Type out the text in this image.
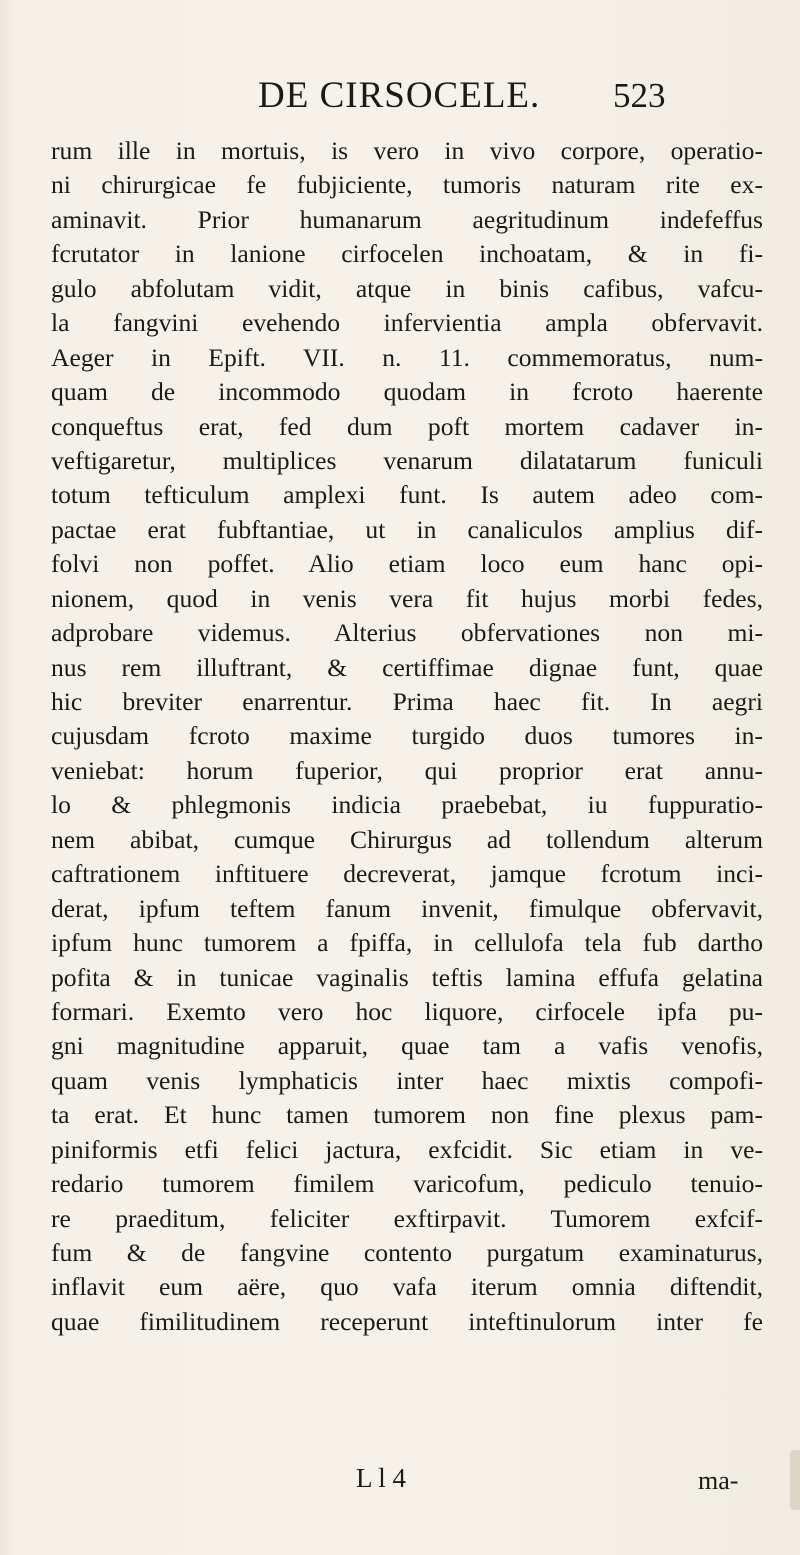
DE CIRSOCELE. 523
rum ille in mortuis, is vero in vivo corpore, operatio-
ni chirurgicae fe fubjiciente, tumoris naturam rite ex-
aminavit. Prior humanarum aegritudinum indefeffus
fcrutator in lanione cirfocelen inchoatam, & in fi-
gulo abfolutam vidit, atque in binis cafibus, vafcu-
la fangvini evehendo infervientia ampla obfervavit.
Aeger in Epift. VII. n. 11. commemoratus, num-
quam de incommodo quodam in fcroto haerente
conqueftus erat, fed dum poft mortem cadaver in-
veftigaretur, multiplices venarum dilatatarum funiculi
totum tefticulum amplexi funt. Is autem adeo com-
pactae erat fubftantiae, ut in canaliculos amplius dif-
folvi non poffet. Alio etiam loco eum hanc opi-
nionem, quod in venis vera fit hujus morbi fedes,
adprobare videmus. Alterius obfervationes non mi-
nus rem illuftrant, & certiffimae dignae funt, quae
hic breviter enarrentur. Prima haec fit. In aegri
cujusdam fcroto maxime turgido duos tumores in-
veniebat: horum fuperior, qui proprior erat annu-
lo & phlegmonis indicia praebebat, iu fuppuratio-
nem abibat, cumque Chirurgus ad tollendum alterum
caftrationem inftituere decreverat, jamque fcrotum inci-
derat, ipfum teftem fanum invenit, fimulque obfervavit,
ipfum hunc tumorem a fpiffa, in cellulofa tela fub dartho
pofita & in tunicae vaginalis teftis lamina effufa gelatina
formari. Exemto vero hoc liquore, cirfocele ipfa pu-
gni magnitudine apparuit, quae tam a vafis venofis,
quam venis lymphaticis inter haec mixtis compofi-
ta erat. Et hunc tamen tumorem non fine plexus pam-
piniformis etfi felici jactura, exfcidit. Sic etiam in ve-
redario tumorem fimilem varicofum, pediculo tenuio-
re praeditum, feliciter exftirpavit. Tumorem exfcif-
fum & de fangvine contento purgatum examinaturus,
inflavit eum aëre, quo vafa iterum omnia diftendit,
quae fimilitudinem receperunt inteftinulorum inter fe
L l 4	ma-
